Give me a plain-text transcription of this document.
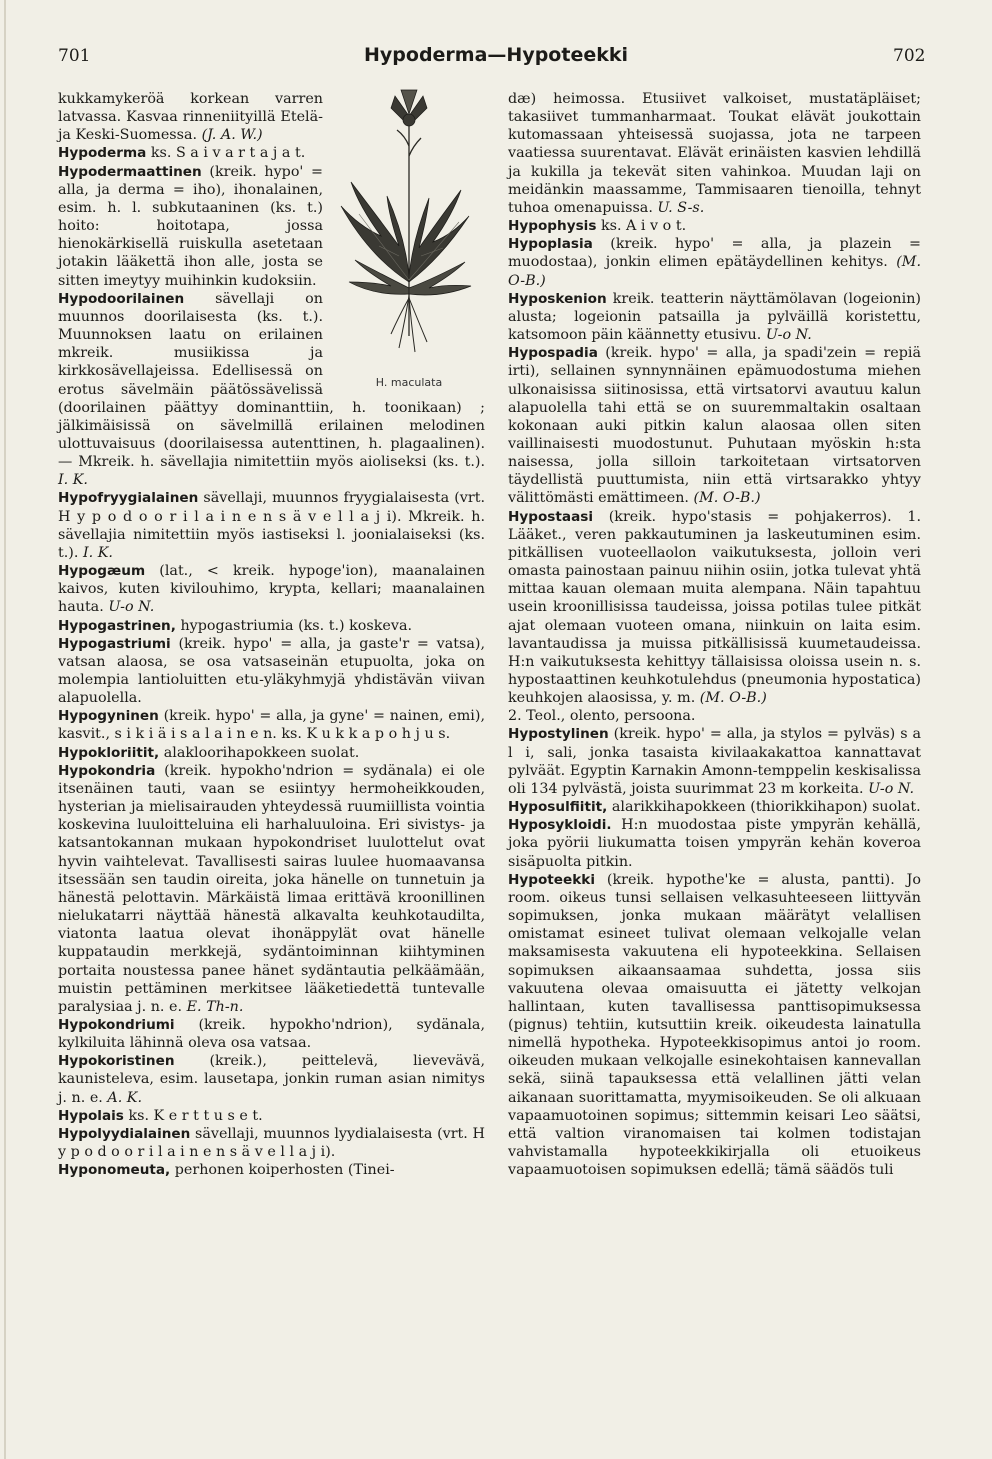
701	Hypoderma—Hypoteekki	702
H. maculata

kukkamykeröä korkean varren latvassa. Kasvaa rinneniityillä Etelä- ja Keski-Suomessa. (J. A. W.)

Hypoderma ks. S a i v a r t a j a t.

Hypodermaattinen (kreik. hypo' = alla, ja derma = iho), ihonalainen, esim. h. l. subkutaaninen (ks. t.) hoito: hoitotapa, jossa hienokärkisellä ruiskulla asetetaan jotakin lääkettä ihon alle, josta se sitten imeytyy muihinkin kudoksiin.

Hypodoorilainen sävellaji on muunnos doorilaisesta (ks. t.). Muunnoksen laatu on erilainen mkreik. musiikissa ja kirkkosävellajeissa. Edellisessä on erotus sävelmäin päätössävelissä (doorilainen päättyy dominanttiin, h. toonikaan) ; jälkimäisissä on sävelmillä erilainen melodinen ulottuvaisuus (doorilaisessa autenttinen, h. plagaalinen). — Mkreik. h. sävellajia nimitettiin myös aioliseksi (ks. t.). I. K.

Hypofryygialainen sävellaji, muunnos fryygialaisesta (vrt. H y p o d o o r i l a i n e n s ä v e l l a j i). Mkreik. h. sävellajia nimitettiin myös iastiseksi l. joonialaiseksi (ks. t.). I. K.

Hypogæum (lat., < kreik. hypoge'ion), maanalainen kaivos, kuten kivilouhimo, krypta, kellari; maanalainen hauta. U-o N.

Hypogastrinen, hypogastriumia (ks. t.) koskeva.

Hypogastriumi (kreik. hypo' = alla, ja gaste'r = vatsa), vatsan alaosa, se osa vatsaseinän etupuolta, joka on molempia lantioluitten etu-yläkyhmyjä yhdistävän viivan alapuolella.

Hypogyninen (kreik. hypo' = alla, ja gyne' = nainen, emi), kasvit., s i k i ä i s a l a i n e n. ks. K u k k a p o h j u s.

Hypokloriitit, alakloorihapokkeen suolat.

Hypokondria (kreik. hypokho'ndrion = sydänala) ei ole itsenäinen tauti, vaan se esiintyy hermoheikkouden, hysterian ja mielisairauden yhteydessä ruumiillista vointia koskevina luuloitteluina eli harhaluuloina. Eri sivistys- ja katsantokannan mukaan hypokondriset luulottelut ovat hyvin vaihtelevat. Tavallisesti sairas luulee huomaavansa itsessään sen taudin oireita, joka hänelle on tunnetuin ja hänestä pelottavin. Märkäistä limaa erittävä kroonillinen nielukatarri näyttää hänestä alkavalta keuhkotaudilta, viatonta laatua olevat ihonäppylät ovat hänelle kuppataudin merkkejä, sydäntoiminnan kiihtyminen portaita noustessa panee hänet sydäntautia pelkäämään, muistin pettäminen merkitsee lääketiedettä tuntevalle paralysiaa j. n. e. E. Th-n.

Hypokondriumi (kreik. hypokho'ndrion), sydänala, kylkiluita lähinnä oleva osa vatsaa.

Hypokoristinen (kreik.), peittelevä, lievevävä, kaunisteleva, esim. lausetapa, jonkin ruman asian nimitys j. n. e. A. K.

Hypolais ks. K e r t t u s e t.

Hypolyydialainen sävellaji, muunnos lyydialaisesta (vrt. H y p o d o o r i l a i n e n s ä v e l l a j i).

Hyponomeuta, perhonen koiperhosten (Tinei-

dæ) heimossa. Etusiivet valkoiset, mustatäpläiset; takasiivet tummanharmaat. Toukat elävät joukottain kutomassaan yhteisessä suojassa, jota ne tarpeen vaatiessa suurentavat. Elävät erinäisten kasvien lehdillä ja kukilla ja tekevät siten vahinkoa. Muudan laji on meidänkin maassamme, Tammisaaren tienoilla, tehnyt tuhoa omenapuissa. U. S-s.

Hypophysis ks. A i v o t.

Hypoplasia (kreik. hypo' = alla, ja plazein = muodostaa), jonkin elimen epätäydellinen kehitys. (M. O-B.)

Hyposkenion kreik. teatterin näyttämölavan (logeionin) alusta; logeionin patsailla ja pylväillä koristettu, katsomoon päin käännetty etusivu. U-o N.

Hypospadia (kreik. hypo' = alla, ja spadi'zein = repiä irti), sellainen synnynnäinen epämuodostuma miehen ulkonaisissa siitinosissa, että virtsatorvi avautuu kalun alapuolella tahi että se on suuremmaltakin osaltaan kokonaan auki pitkin kalun alaosaa ollen siten vaillinaisesti muodostunut. Puhutaan myöskin h:sta naisessa, jolla silloin tarkoitetaan virtsatorven täydellistä puuttumista, niin että virtsarakko yhtyy välittömästi emättimeen. (M. O-B.)

Hypostaasi (kreik. hypo'stasis = pohjakerros). 1. Lääket., veren pakkautuminen ja laskeutuminen esim. pitkällisen vuoteellaolon vaikutuksesta, jolloin veri omasta painostaan painuu niihin osiin, jotka tulevat yhtä mittaa kauan olemaan muita alempana. Näin tapahtuu usein kroonillisissa taudeissa, joissa potilas tulee pitkät ajat olemaan vuoteen omana, niinkuin on laita esim. lavantaudissa ja muissa pitkällisissä kuumetaudeissa. H:n vaikutuksesta kehittyy tällaisissa oloissa usein n. s. hypostaattinen keuhkotulehdus (pneumonia hypostatica) keuhkojen alaosissa, y. m. (M. O-B.)

2. Teol., olento, persoona.

Hypostylinen (kreik. hypo' = alla, ja stylos = pylväs) s a l i, sali, jonka tasaista kivilaakakattoa kannattavat pylväät. Egyptin Karnakin Amonn-temppelin keskisalissa oli 134 pylvästä, joista suurimmat 23 m korkeita. U-o N.

Hyposulfiitit, alarikkihapokkeen (thiorikkihapon) suolat.

Hyposykloidi. H:n muodostaa piste ympyrän kehällä, joka pyörii liukumatta toisen ympyrän kehän koveroa sisäpuolta pitkin.

Hypoteekki (kreik. hypothe'ke = alusta, pantti). Jo room. oikeus tunsi sellaisen velkasuhteeseen liittyvän sopimuksen, jonka mukaan määrätyt velallisen omistamat esineet tulivat olemaan velkojalle velan maksamisesta vakuutena eli hypoteekkina. Sellaisen sopimuksen aikaansaamaa suhdetta, jossa siis vakuutena olevaa omaisuutta ei jätetty velkojan hallintaan, kuten tavallisessa panttisopimuksessa (pignus) tehtiin, kutsuttiin kreik. oikeudesta lainatulla nimellä hypotheka. Hypoteekkisopimus antoi jo room. oikeuden mukaan velkojalle esinekohtaisen kannevallan sekä, siinä tapauksessa että velallinen jätti velan aikanaan suorittamatta, myymisoikeuden. Se oli alkuaan vapaamuotoinen sopimus; sittemmin keisari Leo säätsi, että valtion viranomaisen tai kolmen todistajan vahvistamalla hypoteekkikirjalla oli etuoikeus vapaamuotoisen sopimuksen edellä; tämä säädös tuli
